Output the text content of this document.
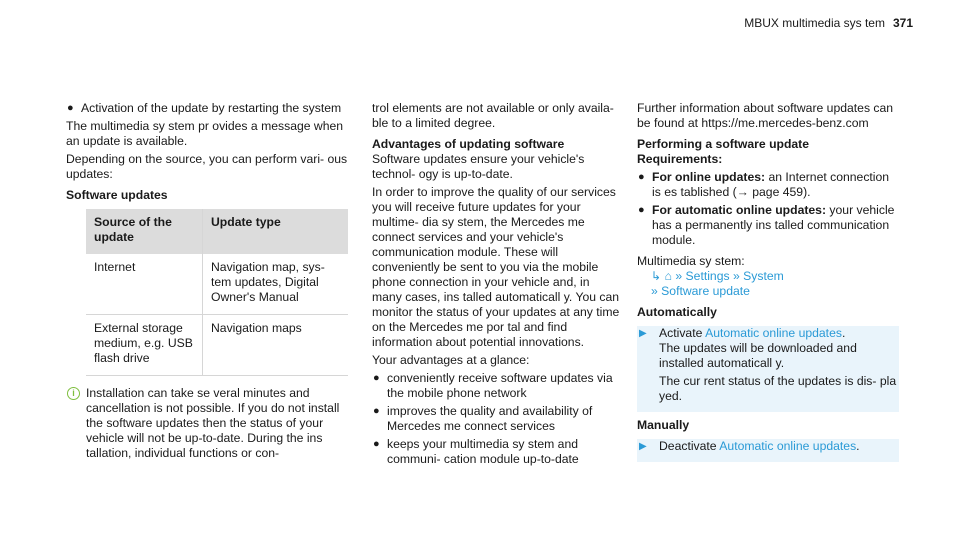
MBUX multimedia sys tem 371
● Activation of the update by restarting the system

The multimedia sy stem pr ovides a message when an update is available.

Depending on the source, you can perform vari- ous updates:

Software updates

Source of the update	Update type
Internet	Navigation map, sys- tem updates, Digital Owner's Manual
External storage medium, e.g. USB flash drive	Navigation maps
i Installation can take se veral minutes and cancellation is not possible. If you do not install the software updates then the status of your vehicle will not be up-to-date. During the ins tallation, individual functions or con-

trol elements are not available or only availa- ble to a limited degree.

Advantages of updating software

Software updates ensure your vehicle's technol- ogy is up-to-date.

In order to improve the quality of our services you will receive future updates for your multime- dia sy stem, the Mercedes me connect services and your vehicle's communication module. These will conveniently be sent to you via the mobile phone connection in your vehicle and, in many cases, ins talled automaticall y. You can monitor the status of your updates at any time on the Mercedes me por tal and find information about potential innovations.

Your advantages at a glance:

● conveniently receive software updates via the mobile phone network
● improves the quality and availability of Mercedes me connect services
● keeps your multimedia sy stem and communi- cation module up-to-date

Further information about software updates can be found at https://me.mercedes-benz.com

Performing a software update

Requirements:

● For online updates: an Internet connection is es tablished (→ page 459).
● For automatic online updates: your vehicle has a permanently ins talled communication module.

Multimedia sy stem:

↳ ⌂ » Settings » System
» Software update

Automatically

▶ Activate Automatic online updates.

The updates will be downloaded and installed automaticall y.

The cur rent status of the updates is dis- pla yed.

Manually

▶ Deactivate Automatic online updates.
